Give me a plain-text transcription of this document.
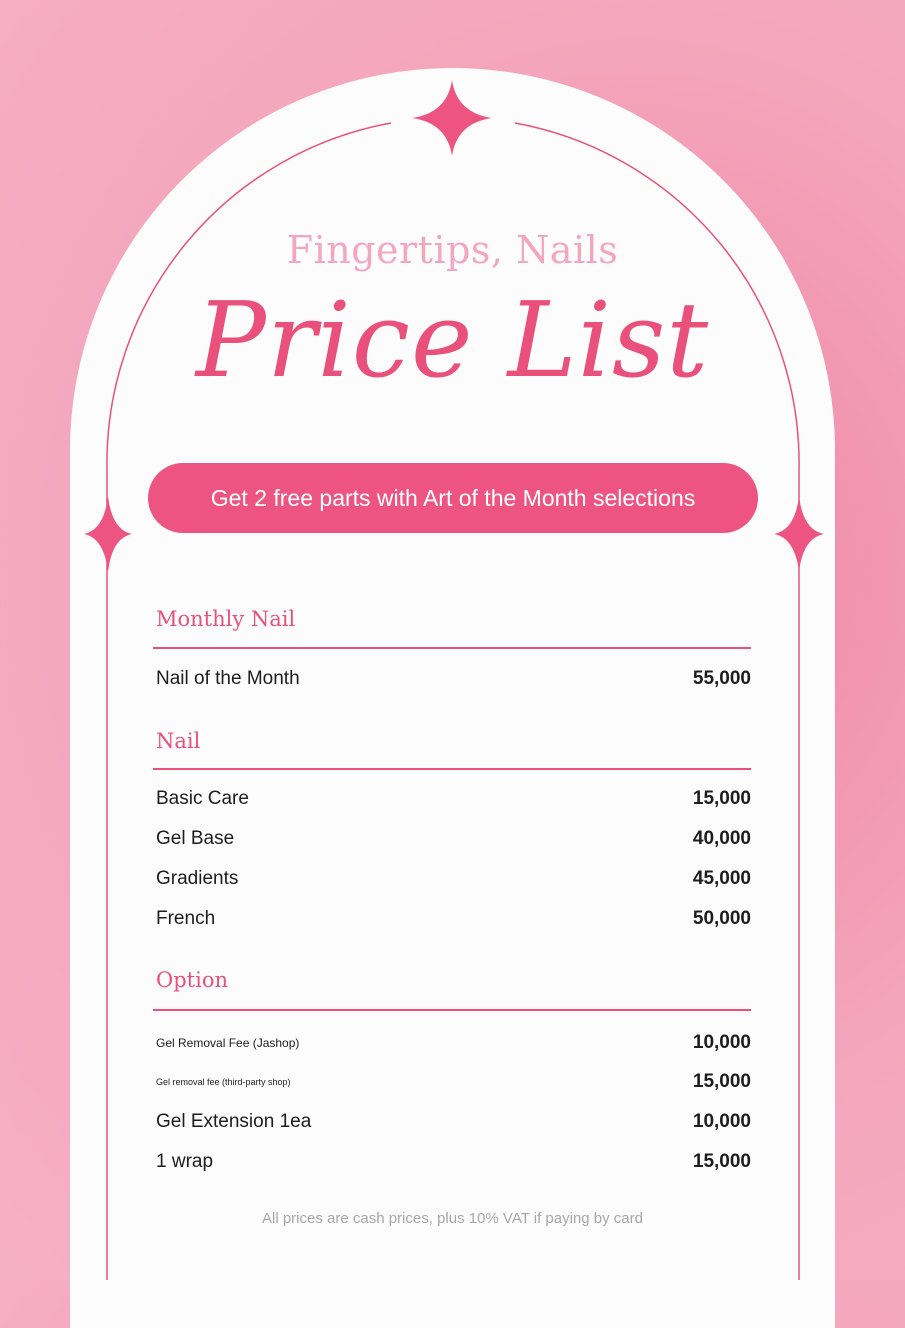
Fingertips, Nails
Price List
Get 2 free parts with Art of the Month selections
Monthly Nail
Nail of the Month	55,000
Nail
Basic Care	15,000
Gel Base	40,000
Gradients	45,000
French	50,000
Option
Gel Removal Fee (Jashop)	10,000
Gel removal fee (third-party shop)	15,000
Gel Extension 1ea	10,000
1 wrap	15,000
All prices are cash prices, plus 10% VAT if paying by card
